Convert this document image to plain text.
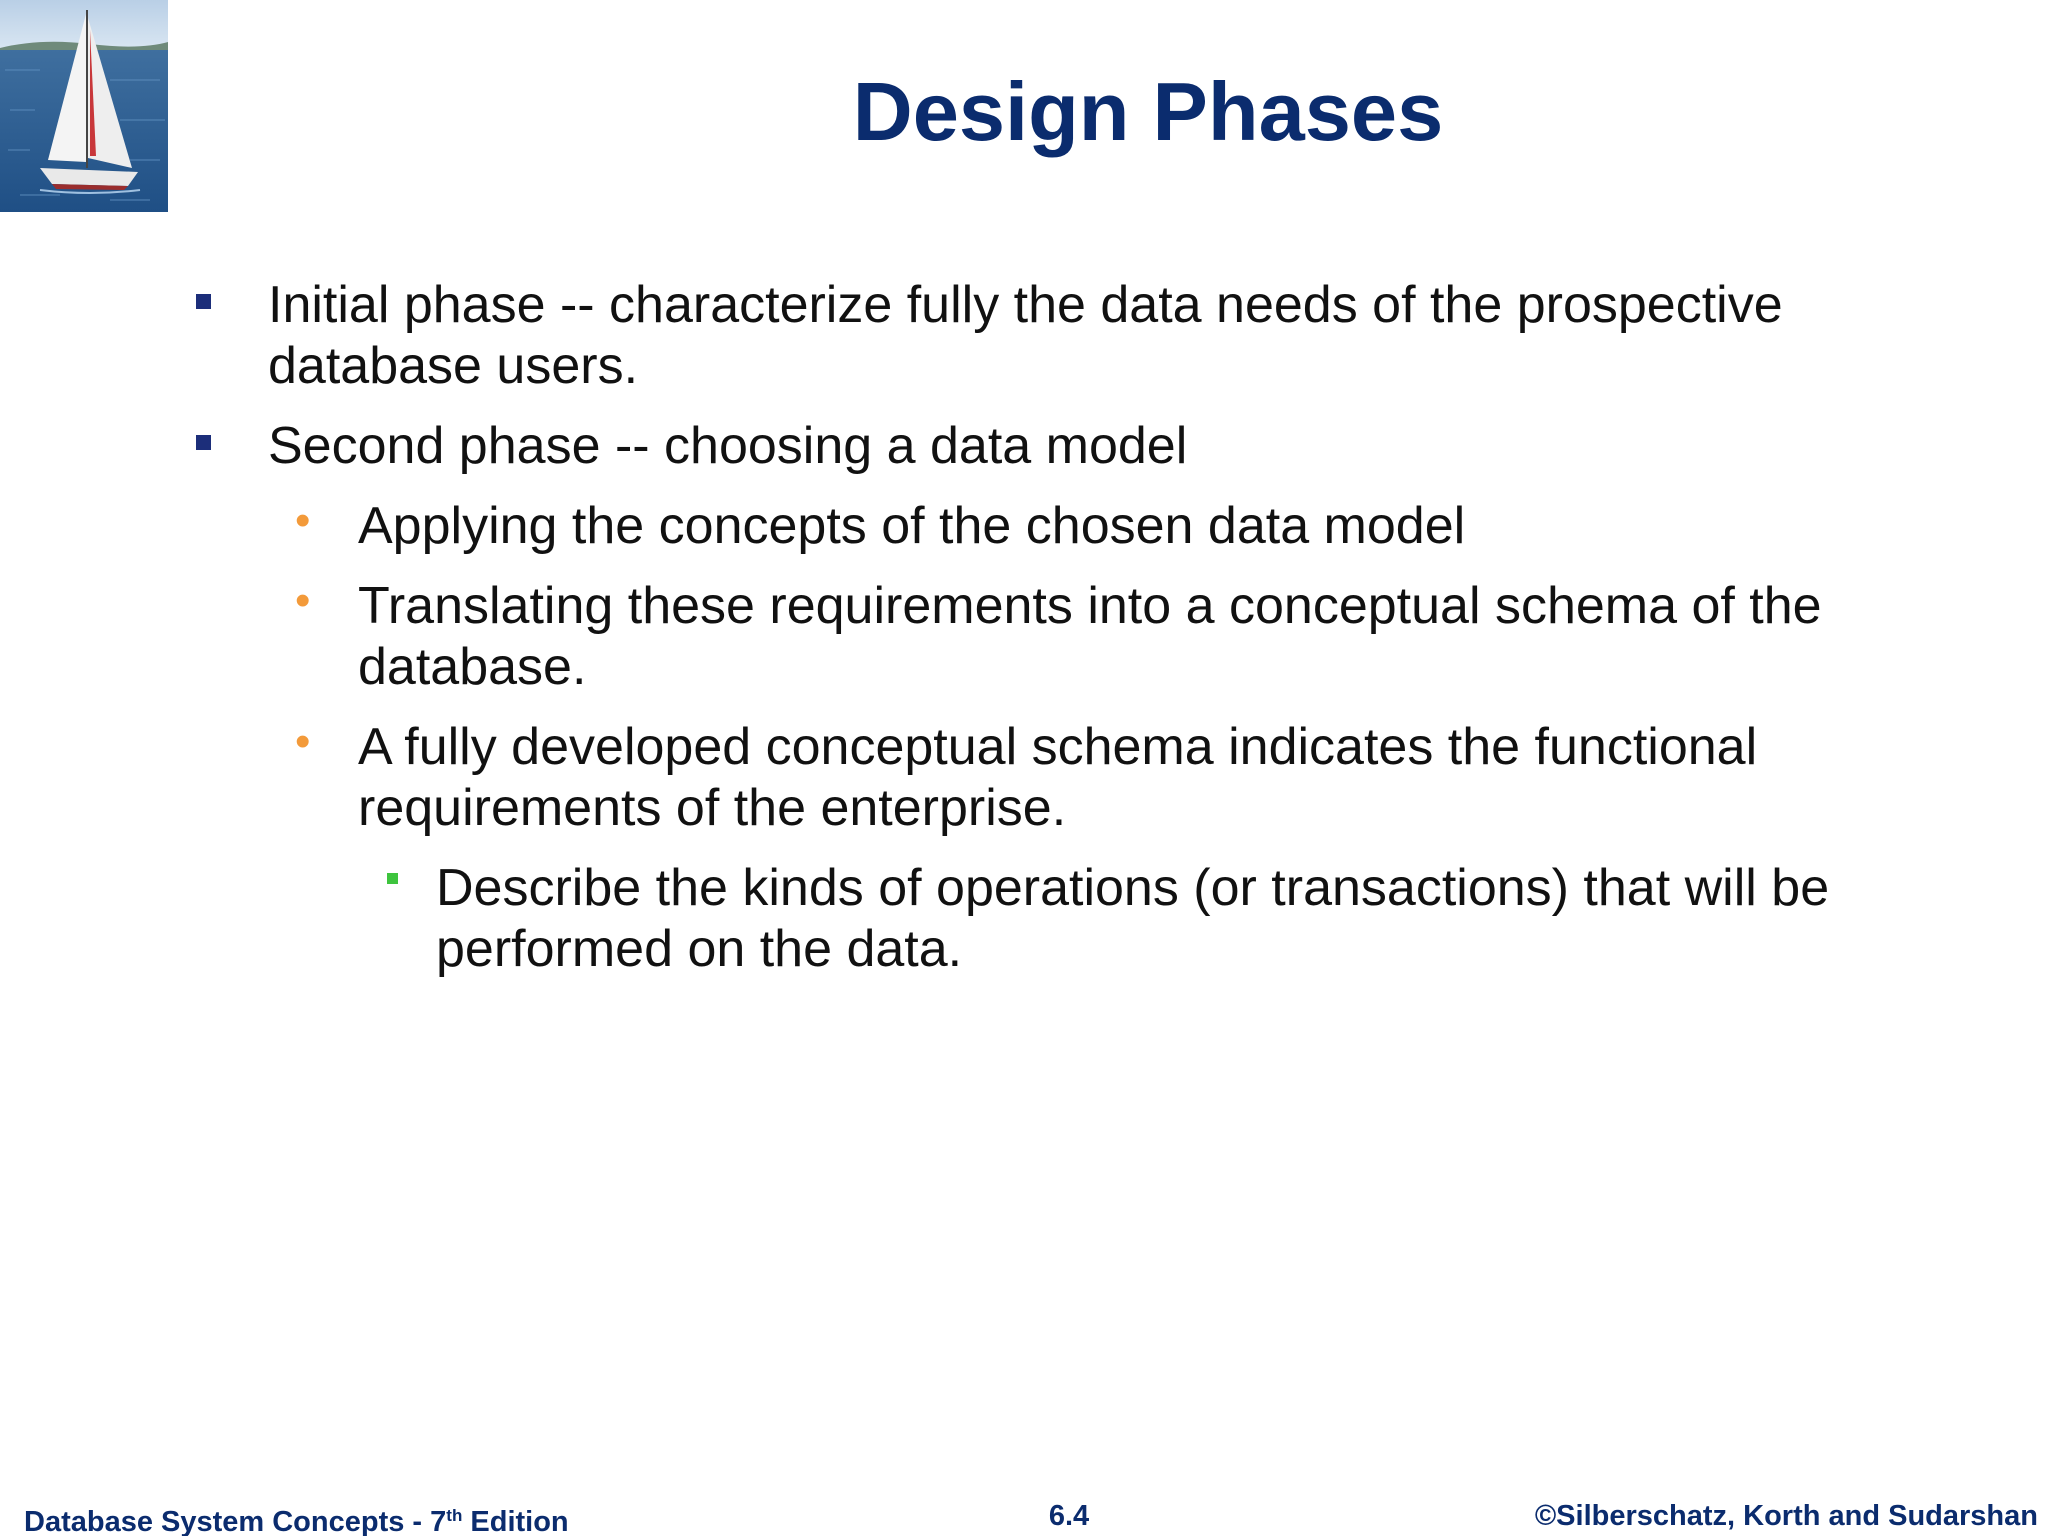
Design Phases
Initial phase -- characterize fully the data needs of the prospective database users.
Second phase -- choosing a data model
• Applying the concepts of the chosen data model
• Translating these requirements into a conceptual schema of the database.
• A fully developed conceptual schema indicates the functional requirements of the enterprise.
Describe the kinds of operations (or transactions) that will be performed on the data.
Database System Concepts - 7th Edition	6.4	©Silberschatz, Korth and Sudarshan
